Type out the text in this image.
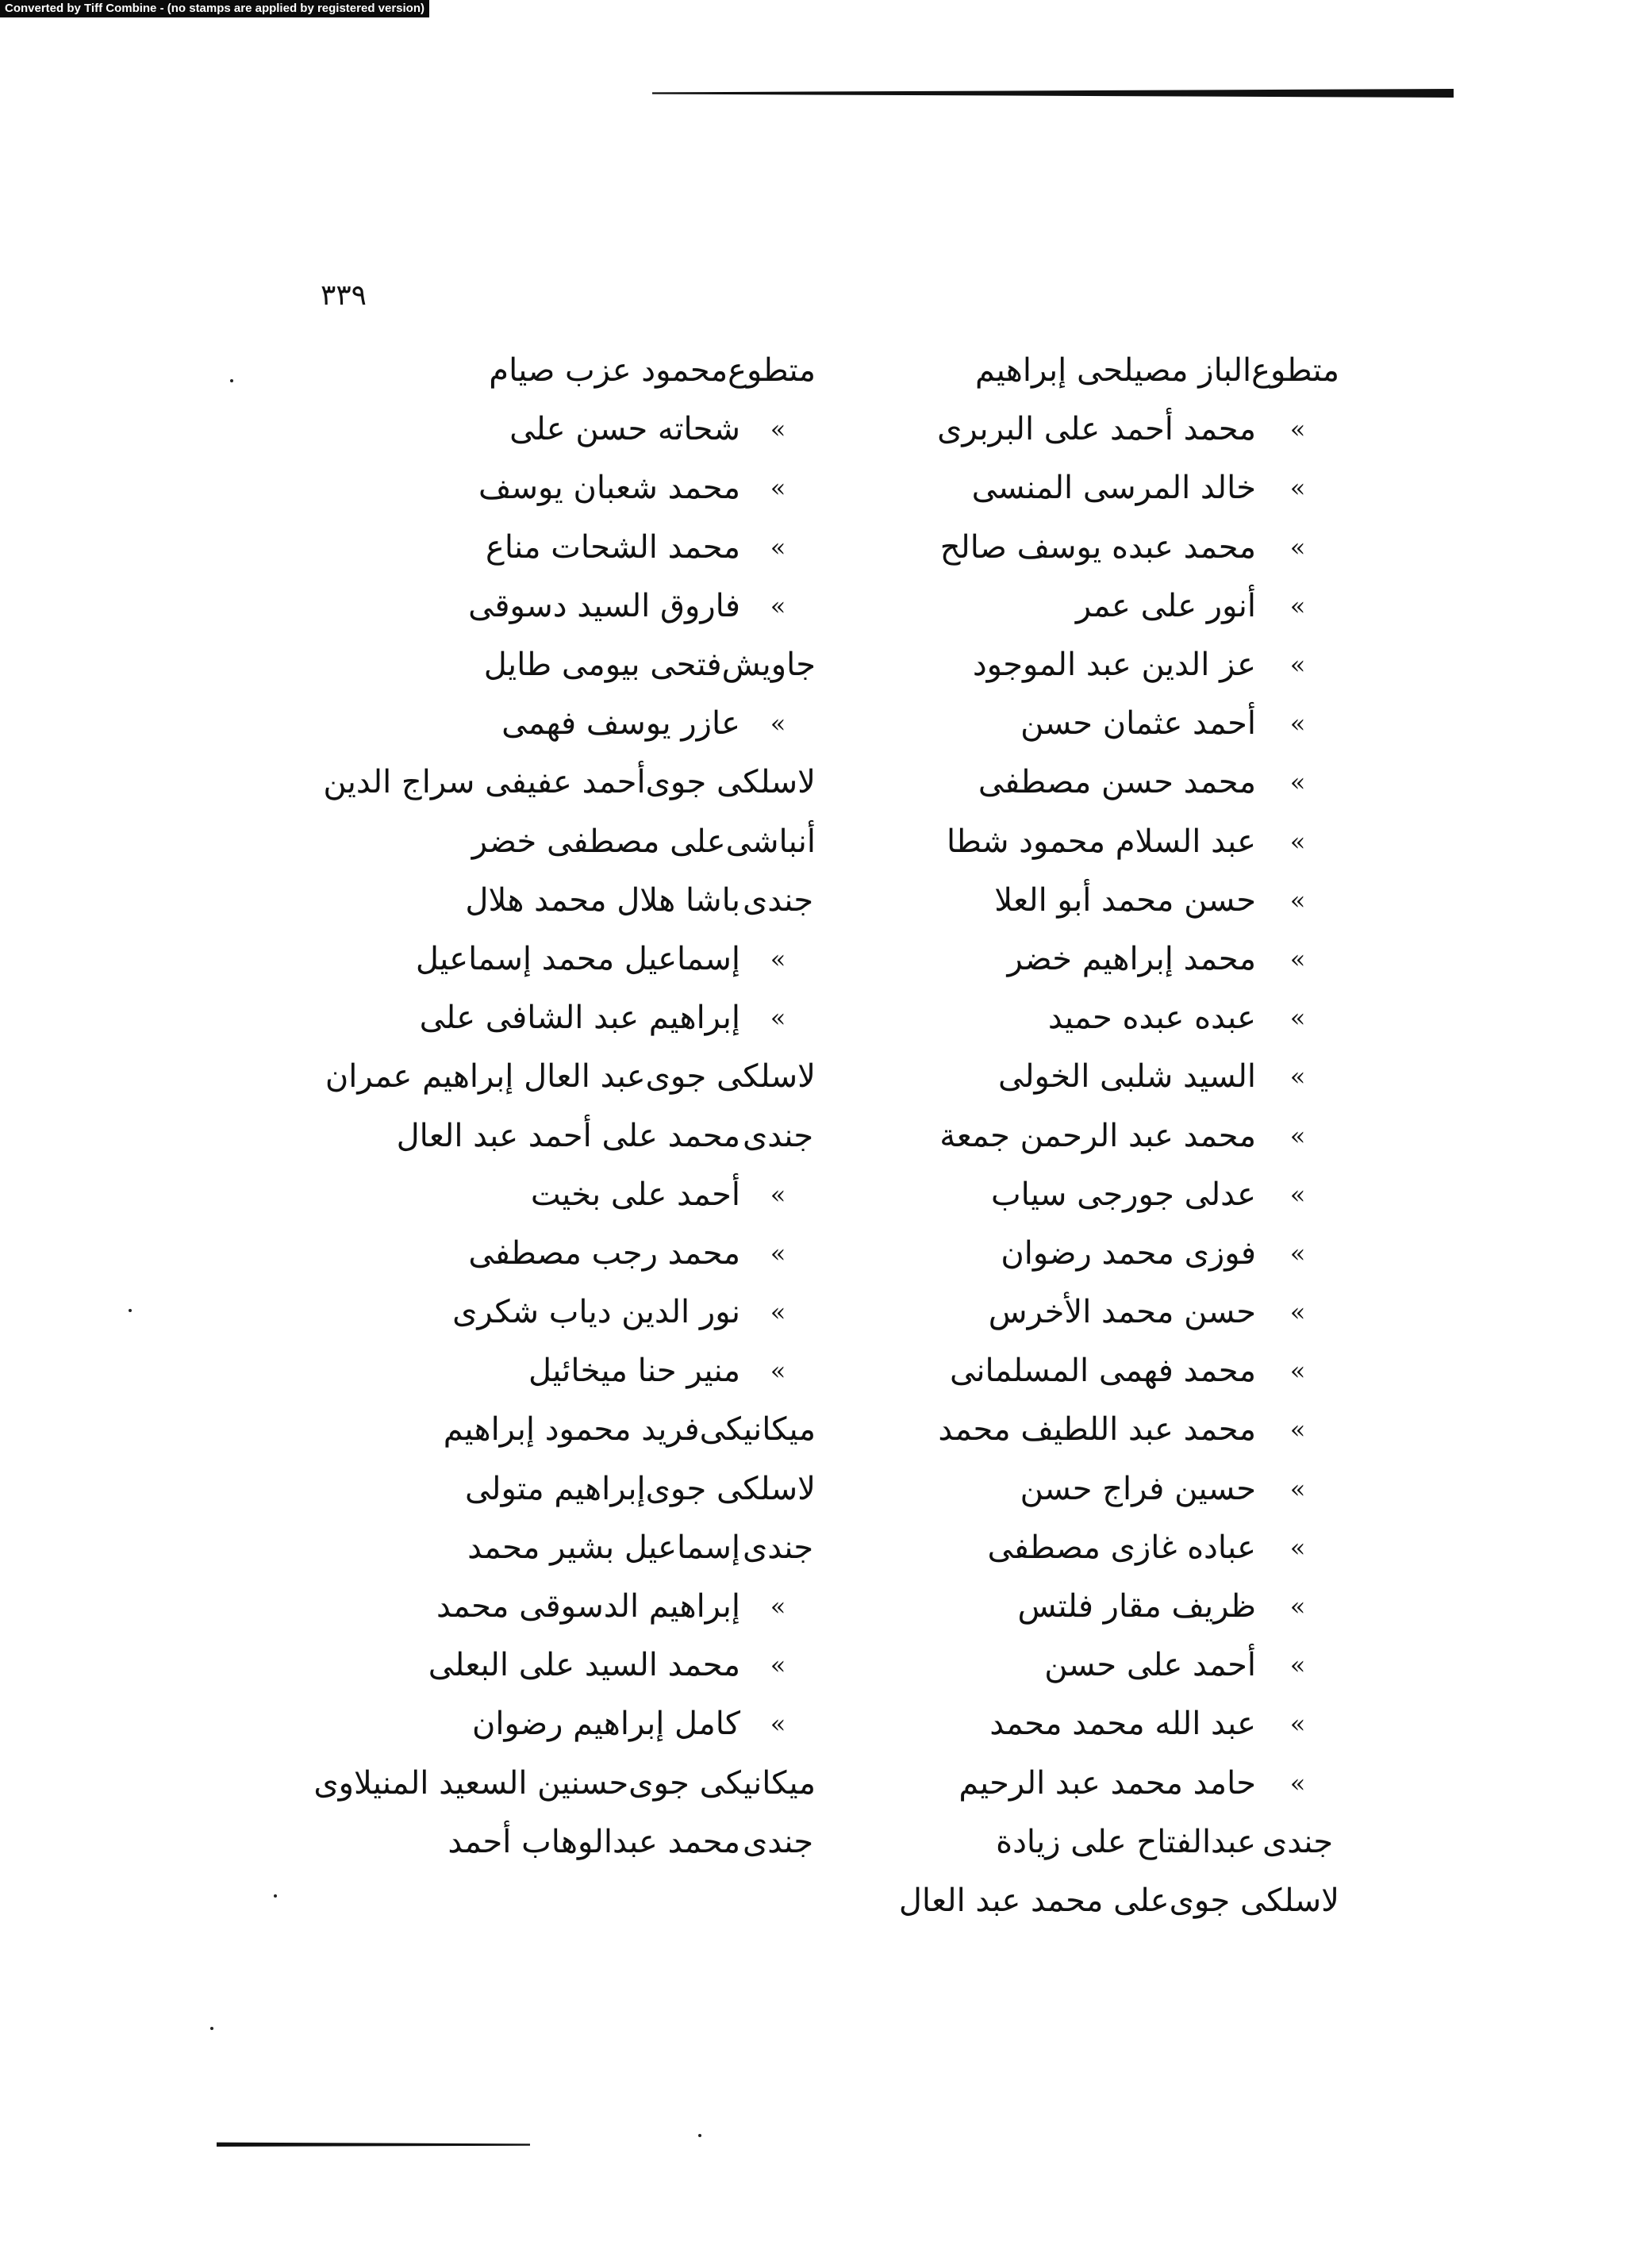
Converted by Tiff Combine - (no stamps are applied by registered version)
٣٣٩
متطوع
الباز مصيلحى إبراهيم
»
محمد أحمد على البربرى
»
خالد المرسى المنسى
»
محمد عبده يوسف صالح
»
أنور على عمر
»
عز الدين عبد الموجود
»
أحمد عثمان حسن
»
محمد حسن مصطفى
»
عبد السلام محمود شطا
»
حسن محمد أبو العلا
»
محمد إبراهيم خضر
»
عبده عبده حميد
»
السيد شلبى الخولى
»
محمد عبد الرحمن جمعة
»
عدلى جورجى سياب
»
فوزى محمد رضوان
»
حسن محمد الأخرس
»
محمد فهمى المسلمانى
»
محمد عبد اللطيف محمد
»
حسين فراج حسن
»
عباده غازى مصطفى
»
ظريف مقار فلتس
»
أحمد على حسن
»
عبد الله محمد محمد
»
حامد محمد عبد الرحيم
جندى
عبدالفتاح على زيادة
لاسلكى جوى
على محمد عبد العال
متطوع
محمود عزب صيام
»
شحاته حسن على
»
محمد شعبان يوسف
»
محمد الشحات مناع
»
فاروق السيد دسوقى
جاويش
فتحى بيومى طايل
»
عازر يوسف فهمى
لاسلكى جوى
أحمد عفيفى سراج الدين
أنباشى
على مصطفى خضر
جندى
باشا هلال محمد هلال
»
إسماعيل محمد إسماعيل
»
إبراهيم عبد الشافى على
لاسلكى جوى
عبد العال إبراهيم عمران
جندى
محمد على أحمد عبد العال
»
أحمد على بخيت
»
محمد رجب مصطفى
»
نور الدين دياب شكرى
»
منير حنا ميخائيل
ميكانيكى
فريد محمود إبراهيم
لاسلكى جوى
إبراهيم متولى
جندى
إسماعيل بشير محمد
»
إبراهيم الدسوقى محمد
»
محمد السيد على البعلى
»
كامل إبراهيم رضوان
ميكانيكى جوى
حسنين السعيد المنيلاوى
جندى
محمد عبدالوهاب أحمد
